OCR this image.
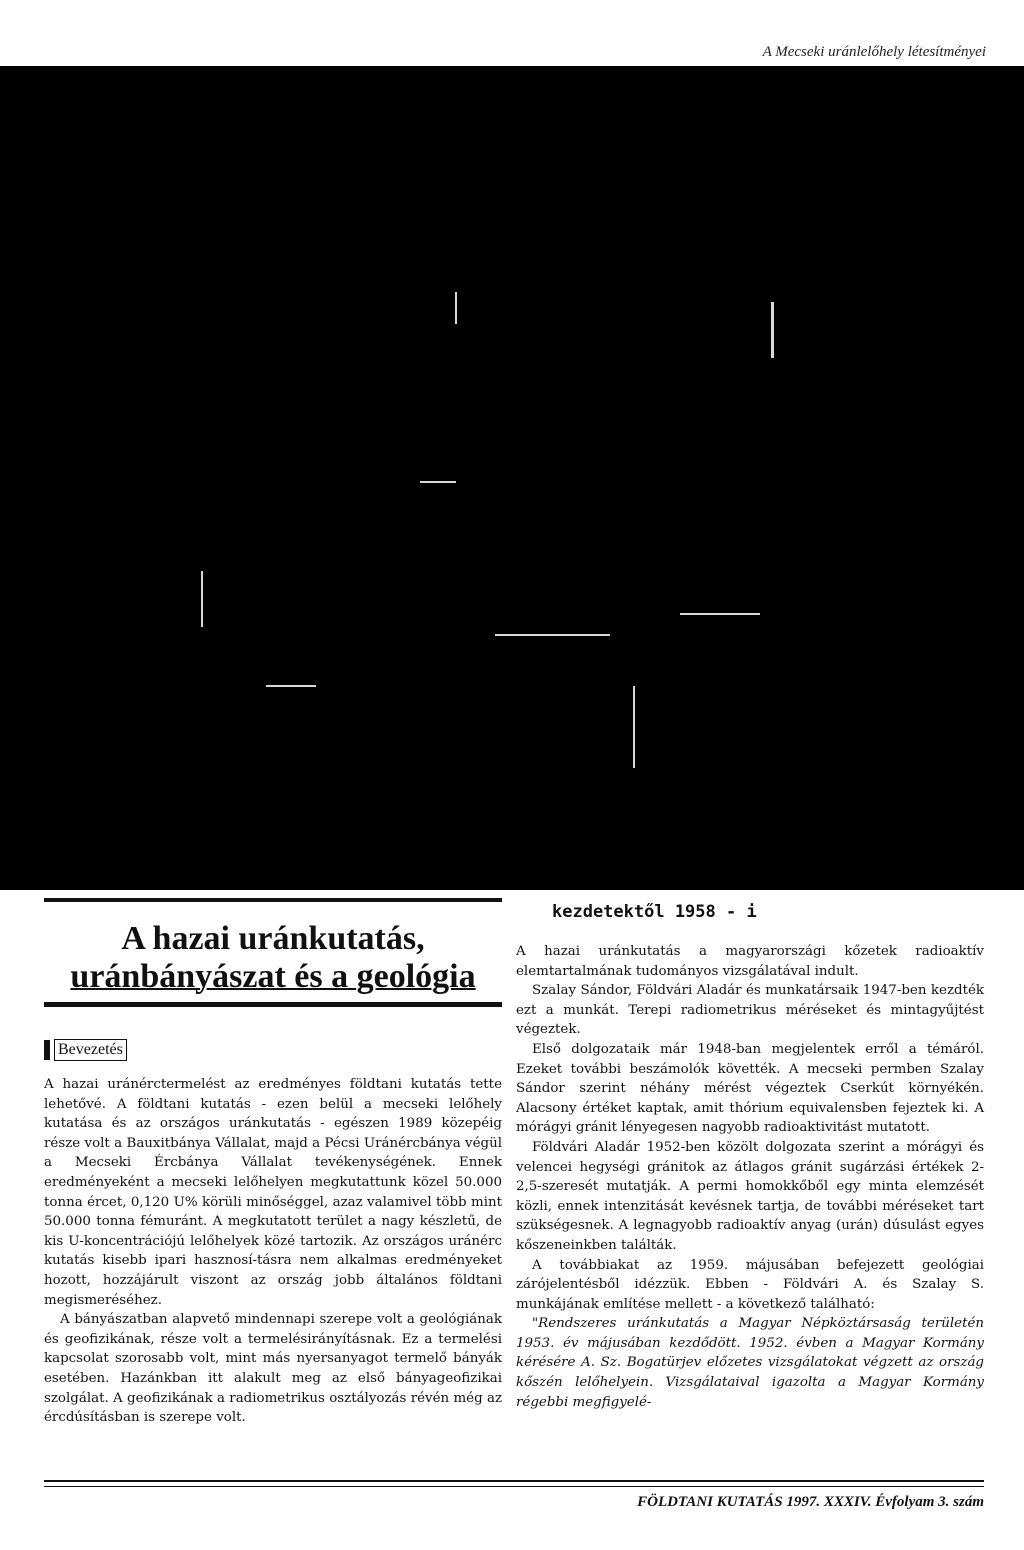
A Mecseki uránlelőhely létesítményei
A hazai uránkutatás,
uránbányászat és a geológia
Bevezetés

A hazai uránérctermelést az eredményes földtani kutatás tette lehetővé. A földtani kutatás - ezen belül a mecseki lelőhely kutatása és az országos uránkutatás - egészen 1989 közepéig része volt a Bauxitbánya Vállalat, majd a Pécsi Uránércbánya végül a Mecseki Ércbánya Vállalat tevékenységének. Ennek eredményeként a mecseki lelőhelyen megkutattunk közel 50.000 tonna ércet, 0,120 U% körüli minőséggel, azaz valamivel több mint 50.000 tonna fémuránt. A megkutatott terület a nagy készletű, de kis U-koncentrációjú lelőhelyek közé tartozik. Az országos uránérc kutatás kisebb ipari hasznosí-tásra nem alkalmas eredményeket hozott, hozzájárult viszont az ország jobb általános földtani megismeréséhez.

A bányászatban alapvető mindennapi szerepe volt a geológiának és geofizikának, része volt a termelésirányításnak. Ez a termelési kapcsolat szorosabb volt, mint más nyersanyagot termelő bányák esetében. Hazánkban itt alakult meg az első bányageofizikai szolgálat. A geofizikának a radiometrikus osztályozás révén még az ércdúsításban is szerepe volt.

kezdetektől 1958 - i

A hazai uránkutatás a magyarországi kőzetek radioaktív elemtartalmának tudományos vizsgálatával indult.

Szalay Sándor, Földvári Aladár és munkatársaik 1947-ben kezdték ezt a munkát. Terepi radiometrikus méréseket és mintagyűjtést végeztek.

Első dolgozataik már 1948-ban megjelentek erről a témáról. Ezeket további beszámolók követték. A mecseki permben Szalay Sándor szerint néhány mérést végeztek Cserkút környékén. Alacsony értéket kaptak, amit thórium equivalensben fejeztek ki. A mórágyi gránit lényegesen nagyobb radioaktivitást mutatott.

Földvári Aladár 1952-ben közölt dolgozata szerint a mórágyi és velencei hegységi gránitok az átlagos gránit sugárzási értékek 2-2,5-szeresét mutatják. A permi homokkőből egy minta elemzését közli, ennek intenzitását kevésnek tartja, de további méréseket tart szükségesnek. A legnagyobb radioaktív anyag (urán) dúsulást egyes kőszeneinkben találták.

A továbbiakat az 1959. májusában befejezett geológiai zárójelentésből idézzük. Ebben - Földvári A. és Szalay S. munkájának említése mellett - a következő található:

"Rendszeres uránkutatás a Magyar Népköztársaság területén 1953. év májusában kezdődött. 1952. évben a Magyar Kormány kérésére A. Sz. Bogatürjev előzetes vizsgálatokat végzett az ország kőszén lelőhelyein. Vizsgálataival igazolta a Magyar Kormány régebbi megfigyelé-

FÖLDTANI KUTATÁS 1997. XXXIV. Évfolyam 3. szám
